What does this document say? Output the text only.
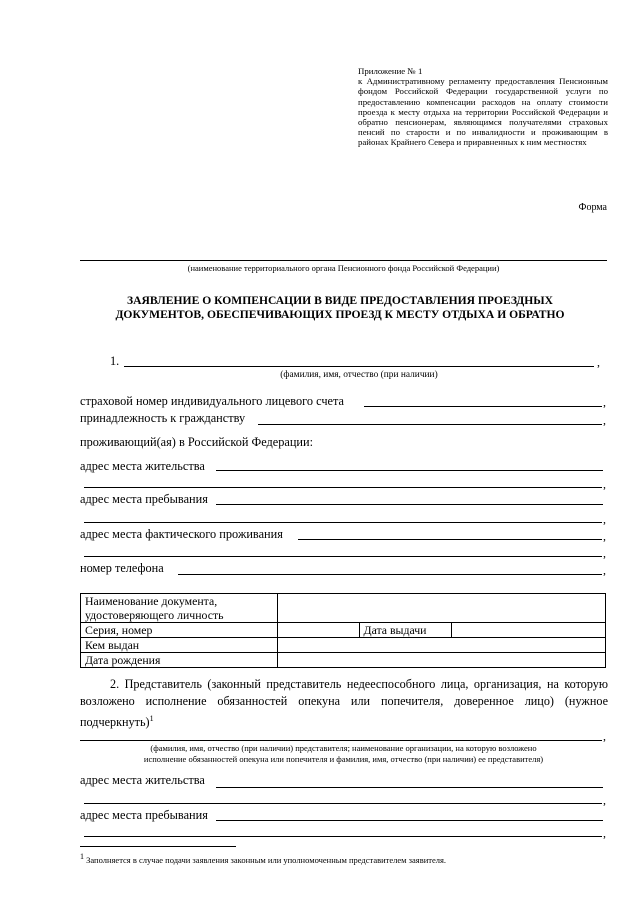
Приложение № 1
к Административному регламенту предоставления Пенсионным фондом Российской Федерации государственной услуги по предоставлению компенсации расходов на оплату стоимости проезда к месту отдыха на территории Российской Федерации и обратно пенсионерам, являющимся получателями страховых пенсий по старости и по инвалидности и проживающим в районах Крайнего Севера и приравненных к ним местностях
Форма
(наименование территориального органа Пенсионного фонда Российской Федерации)
ЗАЯВЛЕНИЕ О КОМПЕНСАЦИИ В ВИДЕ ПРЕДОСТАВЛЕНИЯ ПРОЕЗДНЫХ
ДОКУМЕНТОВ, ОБЕСПЕЧИВАЮЩИХ ПРОЕЗД К МЕСТУ ОТДЫХА И ОБРАТНО
1.	,
(фамилия, имя, отчество (при наличии)
страховой номер индивидуального лицевого счета	,
принадлежность к гражданству	,
проживающий(ая) в Российской Федерации:
адрес места жительства
,
адрес места пребывания
,
адрес места фактического проживания	,
,
номер телефона	,
Наименование документа,
удостоверяющего личность			

Серия, номер		Дата выдачи	
Кем выдан			
Дата рождения			
2. Представитель (законный представитель недееспособного лица, организация, на которую возложено исполнение обязанностей опекуна или попечителя, доверенное лицо) (нужное подчеркнуть)$^1$
,
(фамилия, имя, отчество (при наличии) представителя; наименование организации, на которую возложено
исполнение обязанностей опекуна или попечителя и фамилия, имя, отчество (при наличии) ее представителя)
адрес места жительства
,
адрес места пребывания
,
$^1$ Заполняется в случае подачи заявления законным или уполномоченным представителем заявителя.
